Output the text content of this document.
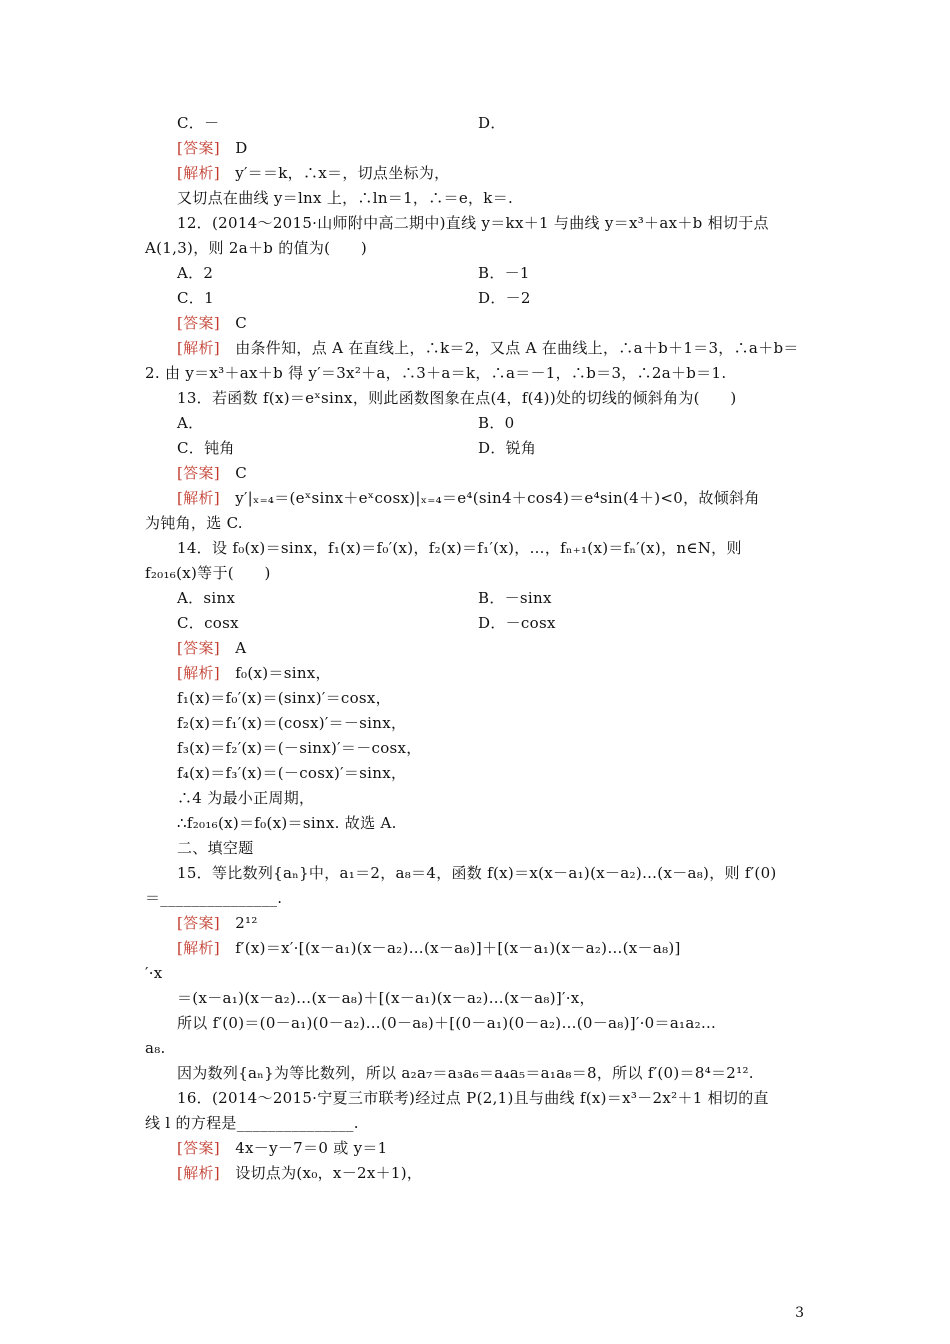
C．－	D．
[答案]　D
[解析]　y′＝＝k，∴x＝，切点坐标为，
又切点在曲线 y＝lnx 上，∴ln＝1，∴＝e，k＝.
12．(2014～2015·山师附中高二期中)直线 y＝kx＋1 与曲线 y＝x³＋ax＋b 相切于点
A(1,3)，则 2a＋b 的值为(　　)
A．2	B．－1
C．1	D．－2
[答案]　C
[解析]　由条件知，点 A 在直线上，∴k＝2，又点 A 在曲线上，∴a＋b＋1＝3，∴a＋b＝
2. 由 y＝x³＋ax＋b 得 y′＝3x²＋a，∴3＋a＝k，∴a＝－1，∴b＝3，∴2a＋b＝1.
13．若函数 f(x)＝eˣsinx，则此函数图象在点(4，f(4))处的切线的倾斜角为(　　)
A．	B．0
C．钝角	D．锐角
[答案]　C
[解析]　y′|ₓ₌₄＝(eˣsinx＋eˣcosx)|ₓ₌₄＝e⁴(sin4＋cos4)＝e⁴sin(4＋)<0，故倾斜角
为钝角，选 C.
14．设 f₀(x)＝sinx，f₁(x)＝f₀′(x)，f₂(x)＝f₁′(x)，…，fₙ₊₁(x)＝fₙ′(x)，n∈N，则
f₂₀₁₆(x)等于(　　)
A．sinx	B．－sinx
C．cosx	D．－cosx
[答案]　A
[解析]　f₀(x)＝sinx，
f₁(x)＝f₀′(x)＝(sinx)′＝cosx，
f₂(x)＝f₁′(x)＝(cosx)′＝－sinx，
f₃(x)＝f₂′(x)＝(－sinx)′＝－cosx，
f₄(x)＝f₃′(x)＝(－cosx)′＝sinx，
∴4 为最小正周期，
∴f₂₀₁₆(x)＝f₀(x)＝sinx. 故选 A.
二、填空题
15．等比数列{aₙ}中，a₁＝2，a₈＝4，函数 f(x)＝x(x－a₁)(x－a₂)…(x－a₈)，则 f′(0)
＝_______________.
[答案]　2¹²
[解析]　f′(x)＝x′·[(x－a₁)(x－a₂)…(x－a₈)]＋[(x－a₁)(x－a₂)…(x－a₈)]
′·x
＝(x－a₁)(x－a₂)…(x－a₈)＋[(x－a₁)(x－a₂)…(x－a₈)]′·x，
所以 f′(0)＝(0－a₁)(0－a₂)…(0－a₈)＋[(0－a₁)(0－a₂)…(0－a₈)]′·0＝a₁a₂…
a₈.
因为数列{aₙ}为等比数列，所以 a₂a₇＝a₃a₆＝a₄a₅＝a₁a₈＝8，所以 f′(0)＝8⁴＝2¹².
16．(2014～2015·宁夏三市联考)经过点 P(2,1)且与曲线 f(x)＝x³－2x²＋1 相切的直
线 l 的方程是_______________.
[答案]　4x－y－7＝0 或 y＝1
[解析]　设切点为(x₀，x－2x＋1)，
3
